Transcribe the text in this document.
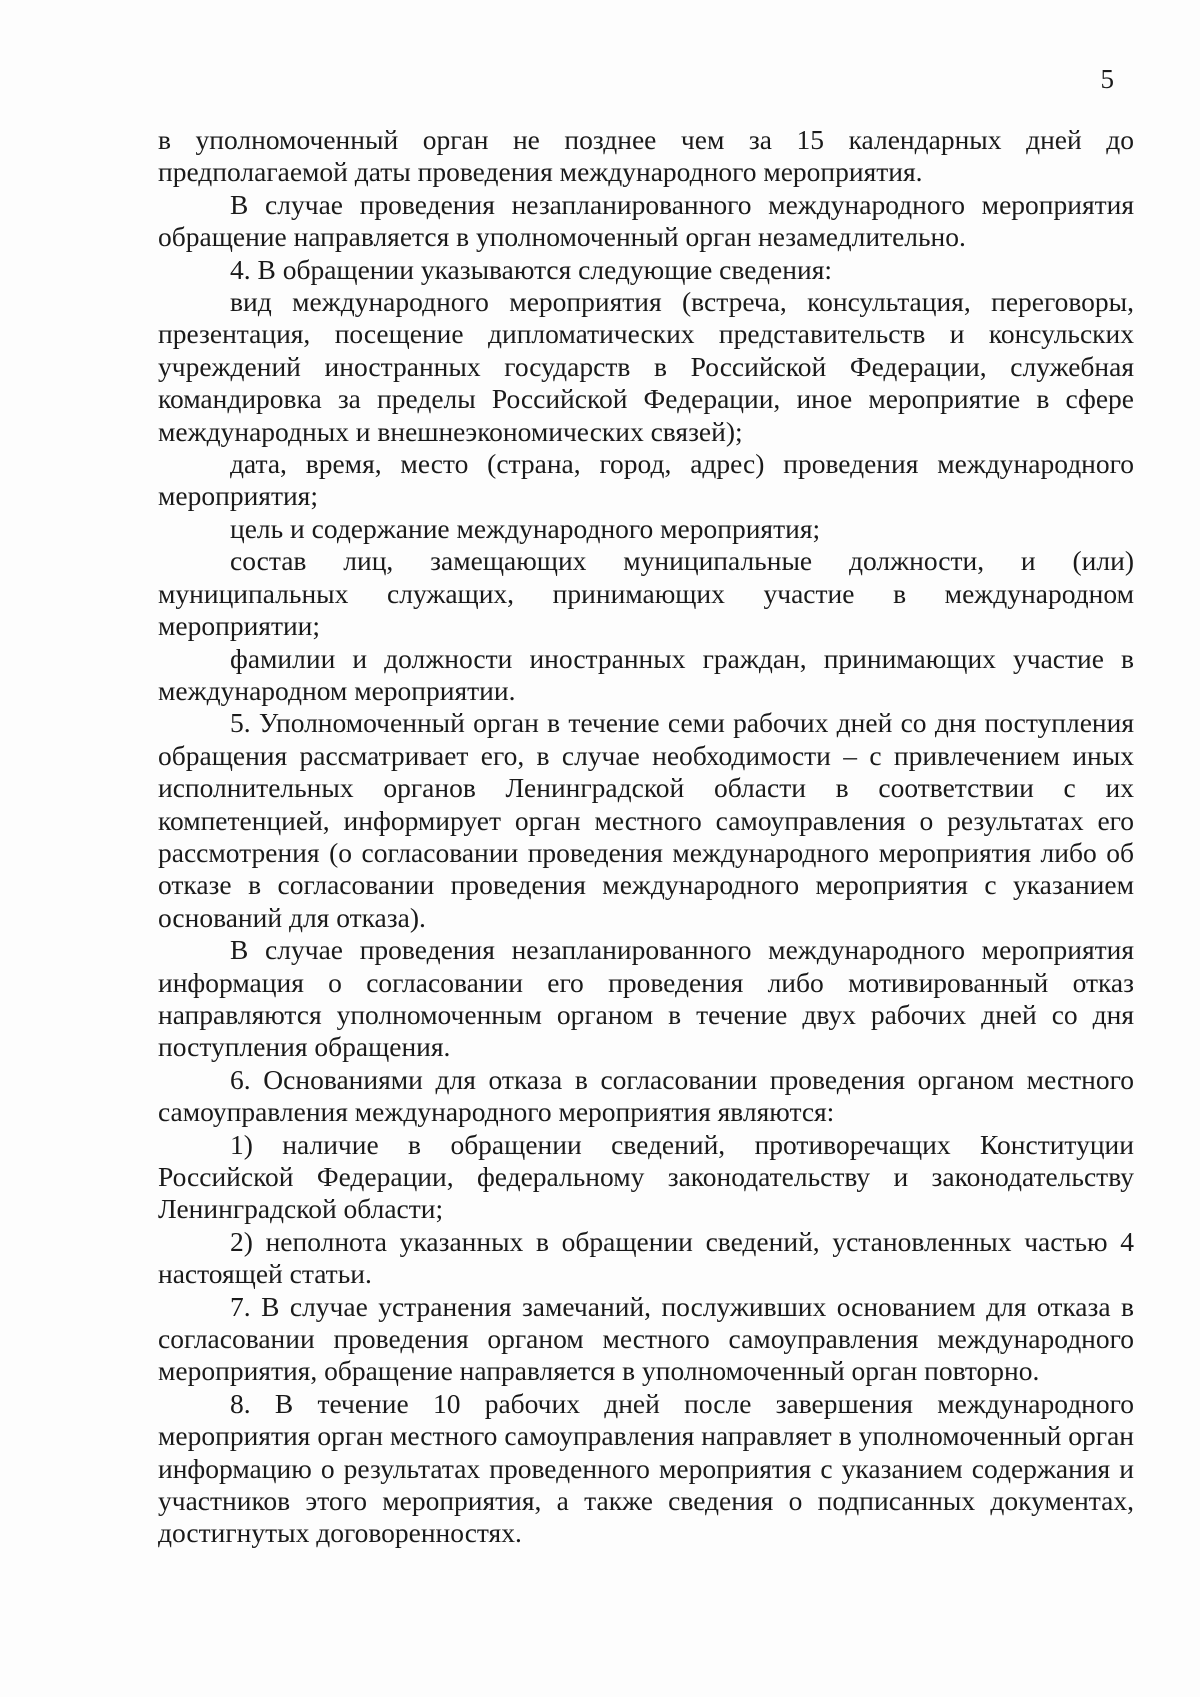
5

в уполномоченный орган не позднее чем за 15 календарных дней до предполагаемой даты проведения международного мероприятия.

В случае проведения незапланированного международного мероприятия обращение направляется в уполномоченный орган незамедлительно.

4. В обращении указываются следующие сведения:

вид международного мероприятия (встреча, консультация, переговоры, презентация, посещение дипломатических представительств и консульских учреждений иностранных государств в Российской Федерации, служебная командировка за пределы Российской Федерации, иное мероприятие в сфере международных и внешнеэкономических связей);

дата, время, место (страна, город, адрес) проведения международного мероприятия;

цель и содержание международного мероприятия;

состав лиц, замещающих муниципальные должности, и (или) муниципальных служащих, принимающих участие в международном мероприятии;

фамилии и должности иностранных граждан, принимающих участие в международном мероприятии.

5. Уполномоченный орган в течение семи рабочих дней со дня поступления обращения рассматривает его, в случае необходимости – с привлечением иных исполнительных органов Ленинградской области в соответствии с их компетенцией, информирует орган местного самоуправления о результатах его рассмотрения (о согласовании проведения международного мероприятия либо об отказе в согласовании проведения международного мероприятия с указанием оснований для отказа).

В случае проведения незапланированного международного мероприятия информация о согласовании его проведения либо мотивированный отказ направляются уполномоченным органом в течение двух рабочих дней со дня поступления обращения.

6. Основаниями для отказа в согласовании проведения органом местного самоуправления международного мероприятия являются:

1) наличие в обращении сведений, противоречащих Конституции Российской Федерации, федеральному законодательству и законодательству Ленинградской области;

2) неполнота указанных в обращении сведений, установленных частью 4 настоящей статьи.

7. В случае устранения замечаний, послуживших основанием для отказа в согласовании проведения органом местного самоуправления международного мероприятия, обращение направляется в уполномоченный орган повторно.

8. В течение 10 рабочих дней после завершения международного мероприятия орган местного самоуправления направляет в уполномоченный орган информацию о результатах проведенного мероприятия с указанием содержания и участников этого мероприятия, а также сведения о подписанных документах, достигнутых договоренностях.
